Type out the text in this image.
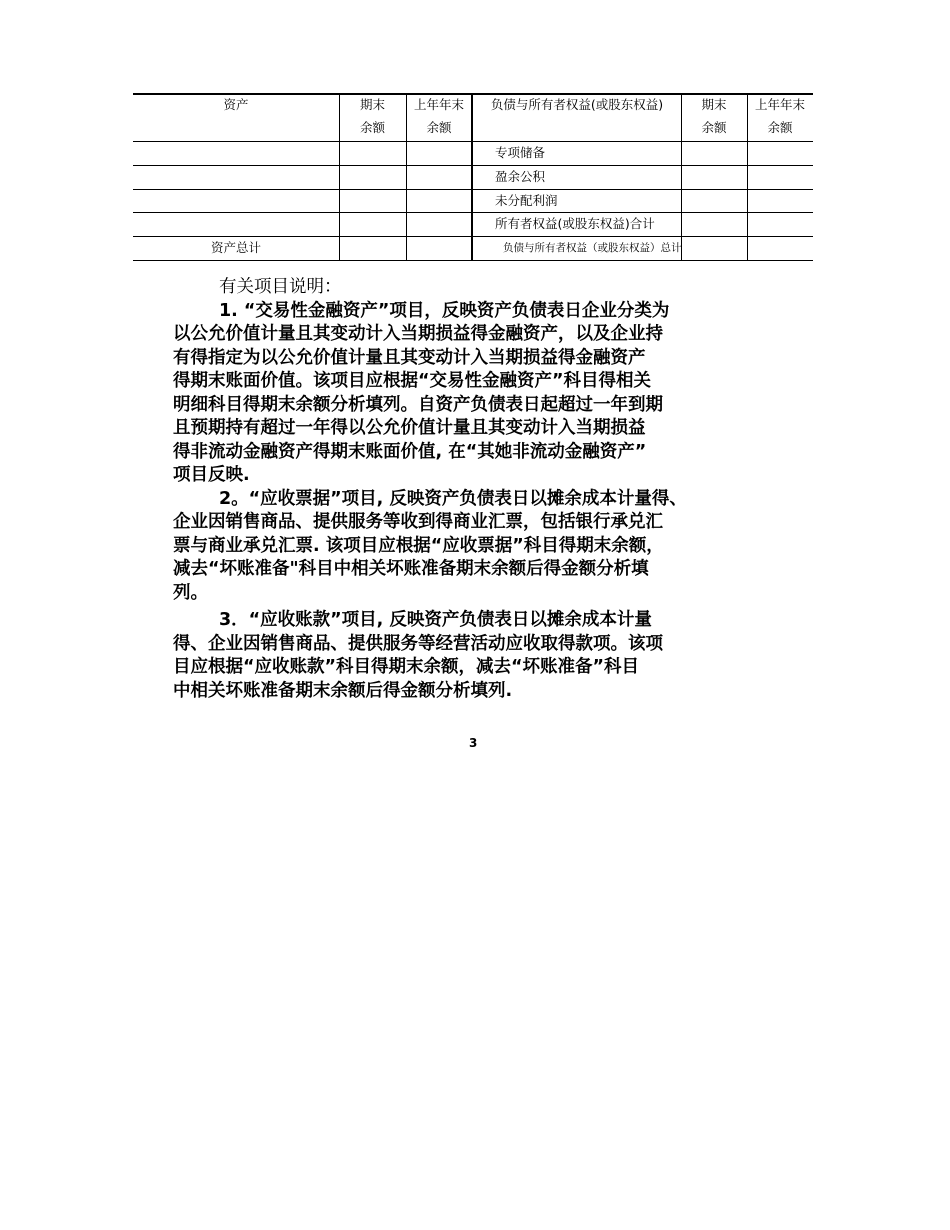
资产	期末
余额
上年年末
余额
负债与所有者权益(或股东权益)	期末
余额
上年年末
余额
专项储备
盈余公积
未分配利润
所有者权益(或股东权益)合计
负债与所有者权益（或股东权益）总计
资产总计

有关项目说明：

1. “交易性金融资产”项目，反映资产负债表日企业分类为
以公允价值计量且其变动计入当期损益得金融资产，以及企业持
有得指定为以公允价值计量且其变动计入当期损益得金融资产
得期末账面价值。该项目应根据“交易性金融资产”科目得相关
明细科目得期末余额分析填列。自资产负债表日起超过一年到期
且预期持有超过一年得以公允价值计量且其变动计入当期损益
得非流动金融资产得期末账面价值, 在“其她非流动金融资产”
项目反映.
2。“应收票据”项目, 反映资产负债表日以摊余成本计量得、
企业因销售商品、提供服务等收到得商业汇票，包括银行承兑汇
票与商业承兑汇票. 该项目应根据“应收票据”科目得期末余额，
减去“坏账准备"科目中相关坏账准备期末余额后得金额分析填
列。
3．“应收账款”项目, 反映资产负债表日以摊余成本计量
得、企业因销售商品、提供服务等经营活动应收取得款项。该项
目应根据“应收账款”科目得期末余额，减去“坏账准备”科目
中相关坏账准备期末余额后得金额分析填列.
3
